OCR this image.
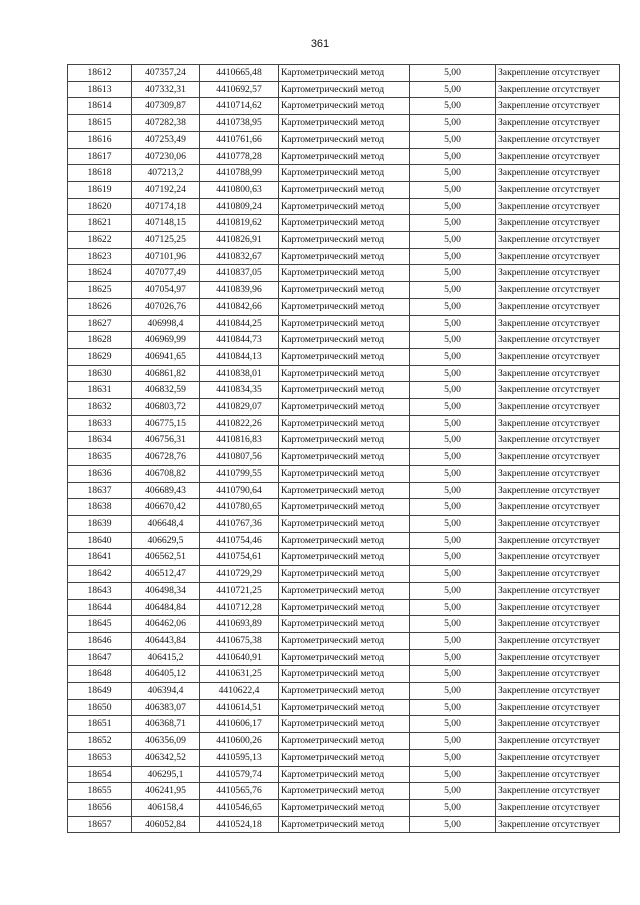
361
18612	407357,24	4410665,48	Картометрический метод	5,00	Закрепление отсутствует
18613	407332,31	4410692,57	Картометрический метод	5,00	Закрепление отсутствует
18614	407309,87	4410714,62	Картометрический метод	5,00	Закрепление отсутствует
18615	407282,38	4410738,95	Картометрический метод	5,00	Закрепление отсутствует
18616	407253,49	4410761,66	Картометрический метод	5,00	Закрепление отсутствует
18617	407230,06	4410778,28	Картометрический метод	5,00	Закрепление отсутствует
18618	407213,2	4410788,99	Картометрический метод	5,00	Закрепление отсутствует
18619	407192,24	4410800,63	Картометрический метод	5,00	Закрепление отсутствует
18620	407174,18	4410809,24	Картометрический метод	5,00	Закрепление отсутствует
18621	407148,15	4410819,62	Картометрический метод	5,00	Закрепление отсутствует
18622	407125,25	4410826,91	Картометрический метод	5,00	Закрепление отсутствует
18623	407101,96	4410832,67	Картометрический метод	5,00	Закрепление отсутствует
18624	407077,49	4410837,05	Картометрический метод	5,00	Закрепление отсутствует
18625	407054,97	4410839,96	Картометрический метод	5,00	Закрепление отсутствует
18626	407026,76	4410842,66	Картометрический метод	5,00	Закрепление отсутствует
18627	406998,4	4410844,25	Картометрический метод	5,00	Закрепление отсутствует
18628	406969,99	4410844,73	Картометрический метод	5,00	Закрепление отсутствует
18629	406941,65	4410844,13	Картометрический метод	5,00	Закрепление отсутствует
18630	406861,82	4410838,01	Картометрический метод	5,00	Закрепление отсутствует
18631	406832,59	4410834,35	Картометрический метод	5,00	Закрепление отсутствует
18632	406803,72	4410829,07	Картометрический метод	5,00	Закрепление отсутствует
18633	406775,15	4410822,26	Картометрический метод	5,00	Закрепление отсутствует
18634	406756,31	4410816,83	Картометрический метод	5,00	Закрепление отсутствует
18635	406728,76	4410807,56	Картометрический метод	5,00	Закрепление отсутствует
18636	406708,82	4410799,55	Картометрический метод	5,00	Закрепление отсутствует
18637	406689,43	4410790,64	Картометрический метод	5,00	Закрепление отсутствует
18638	406670,42	4410780,65	Картометрический метод	5,00	Закрепление отсутствует
18639	406648,4	4410767,36	Картометрический метод	5,00	Закрепление отсутствует
18640	406629,5	4410754,46	Картометрический метод	5,00	Закрепление отсутствует
18641	406562,51	4410754,61	Картометрический метод	5,00	Закрепление отсутствует
18642	406512,47	4410729,29	Картометрический метод	5,00	Закрепление отсутствует
18643	406498,34	4410721,25	Картометрический метод	5,00	Закрепление отсутствует
18644	406484,84	4410712,28	Картометрический метод	5,00	Закрепление отсутствует
18645	406462,06	4410693,89	Картометрический метод	5,00	Закрепление отсутствует
18646	406443,84	4410675,38	Картометрический метод	5,00	Закрепление отсутствует
18647	406415,2	4410640,91	Картометрический метод	5,00	Закрепление отсутствует
18648	406405,12	4410631,25	Картометрический метод	5,00	Закрепление отсутствует
18649	406394,4	4410622,4	Картометрический метод	5,00	Закрепление отсутствует
18650	406383,07	4410614,51	Картометрический метод	5,00	Закрепление отсутствует
18651	406368,71	4410606,17	Картометрический метод	5,00	Закрепление отсутствует
18652	406356,09	4410600,26	Картометрический метод	5,00	Закрепление отсутствует
18653	406342,52	4410595,13	Картометрический метод	5,00	Закрепление отсутствует
18654	406295,1	4410579,74	Картометрический метод	5,00	Закрепление отсутствует
18655	406241,95	4410565,76	Картометрический метод	5,00	Закрепление отсутствует
18656	406158,4	4410546,65	Картометрический метод	5,00	Закрепление отсутствует
18657	406052,84	4410524,18	Картометрический метод	5,00	Закрепление отсутствует
